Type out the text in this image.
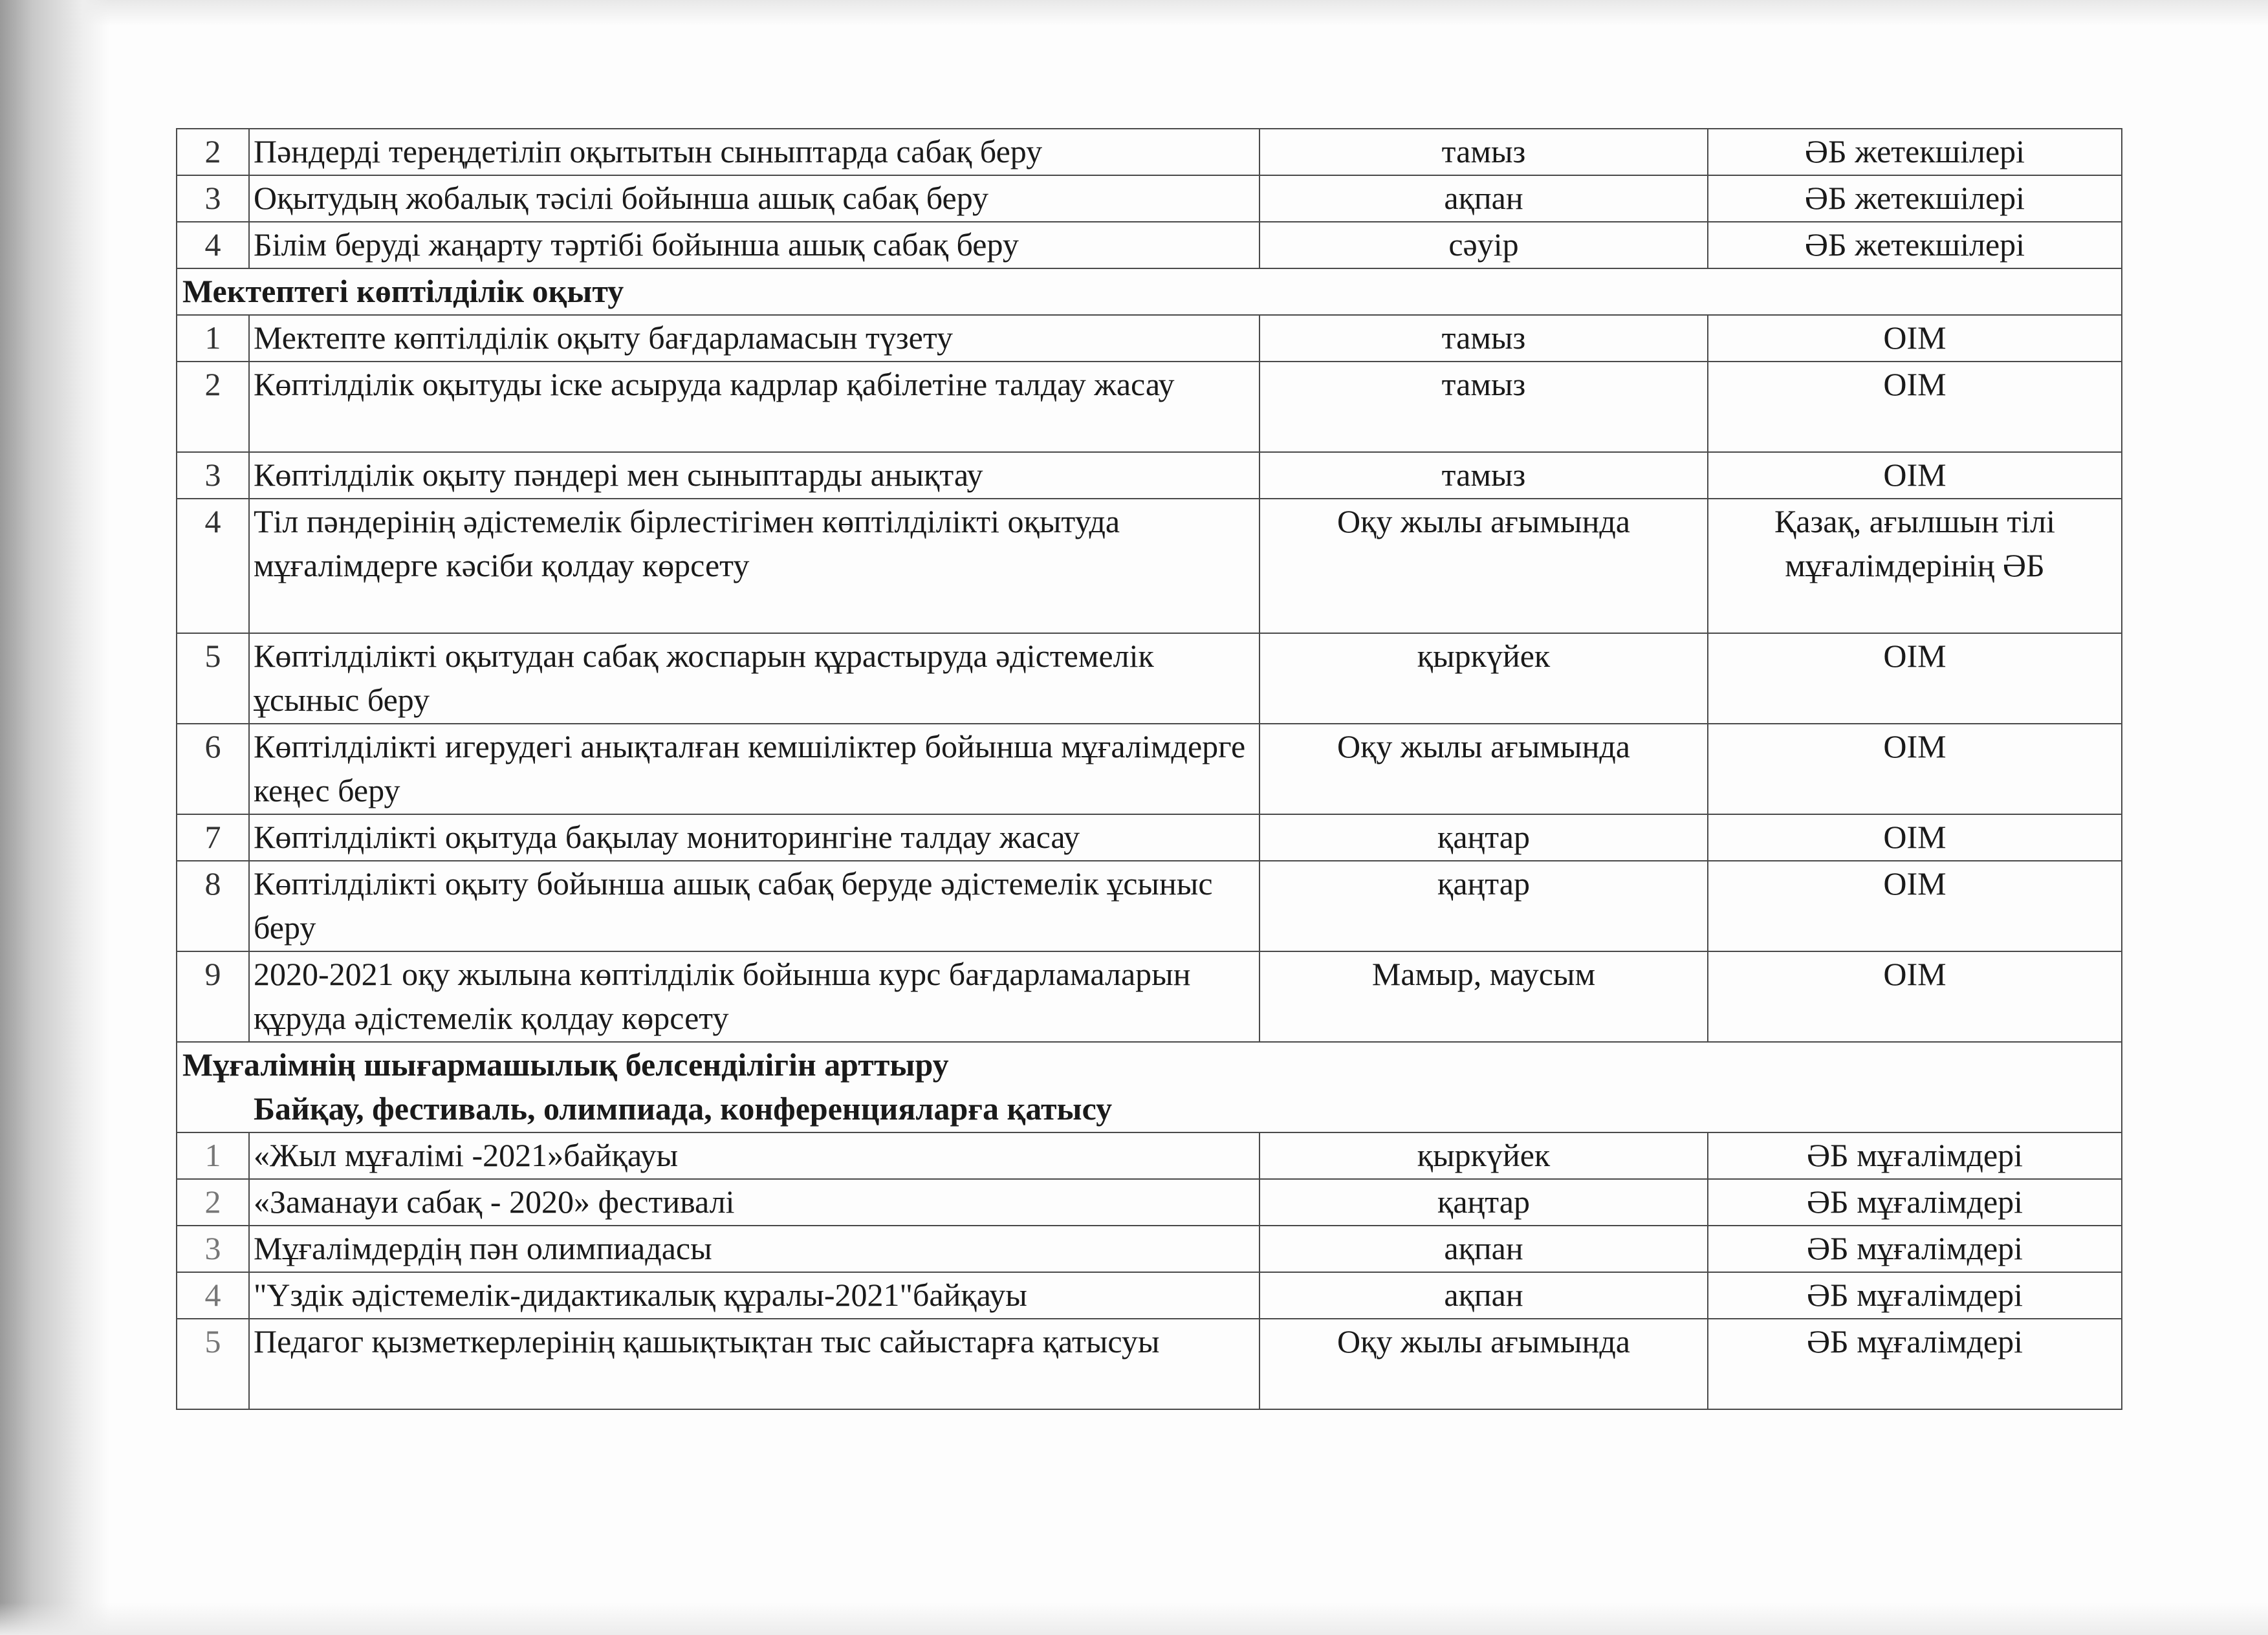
2	Пәндерді тереңдетіліп оқытытын сыныптарда сабақ беру	тамыз	ӘБ жетекшілері
3	Оқытудың жобалық тәсілі бойынша ашық сабақ беру	ақпан	ӘБ жетекшілері
4	Білім беруді жаңарту тәртібі бойынша ашық сабақ беру	сәуір	ӘБ жетекшілері
Мектептегі көптілділік оқыту			
1	Мектепте көптілділік оқыту бағдарламасын түзету	тамыз	ОІМ
2	Көптілділік оқытуды іске асыруда кадрлар қабілетіне талдау жасау	тамыз	ОІМ
3	Көптілділік оқыту пәндері мен сыныптарды анықтау	тамыз	ОІМ
4	Тіл пәндерінің әдістемелік бірлестігімен көптілділікті оқытуда мұғалімдерге кәсіби қолдау көрсету	Оқу жылы ағымында	Қазақ, ағылшын тілі мұғалімдерінің ӘБ
5	Көптілділікті оқытудан сабақ жоспарын құрастыруда әдістемелік ұсыныс беру	қыркүйек	ОІМ
6	Көптілділікті игерудегі анықталған кемшіліктер бойынша мұғалімдерге кеңес беру	Оқу жылы ағымында	ОІМ
7	Көптілділікті оқытуда бақылау мониторингіне талдау жасау	қаңтар	ОІМ
8	Көптілділікті оқыту бойынша ашық сабақ беруде әдістемелік ұсыныс беру	қаңтар	ОІМ
9	2020-2021 оқу жылына көптілділік бойынша курс бағдарламаларын құруда әдістемелік қолдау көрсету	Мамыр, маусым	ОІМ
Мұғалімнің шығармашылық белсенділігін арттыру
Байқау, фестиваль, олимпиада, конференцияларға қатысу			

1	«Жыл мұғалімі -2021»байқауы	қыркүйек	ӘБ мұғалімдері
2	«Заманауи сабақ - 2020» фестивалі	қаңтар	ӘБ мұғалімдері
3	Мұғалімдердің пән олимпиадасы	ақпан	ӘБ мұғалімдері
4	"Үздік әдістемелік-дидактикалық құралы-2021"байқауы	ақпан	ӘБ мұғалімдері
5	Педагог қызметкерлерінің қашықтықтан тыс сайыстарға қатысуы	Оқу жылы ағымында	ӘБ мұғалімдері
